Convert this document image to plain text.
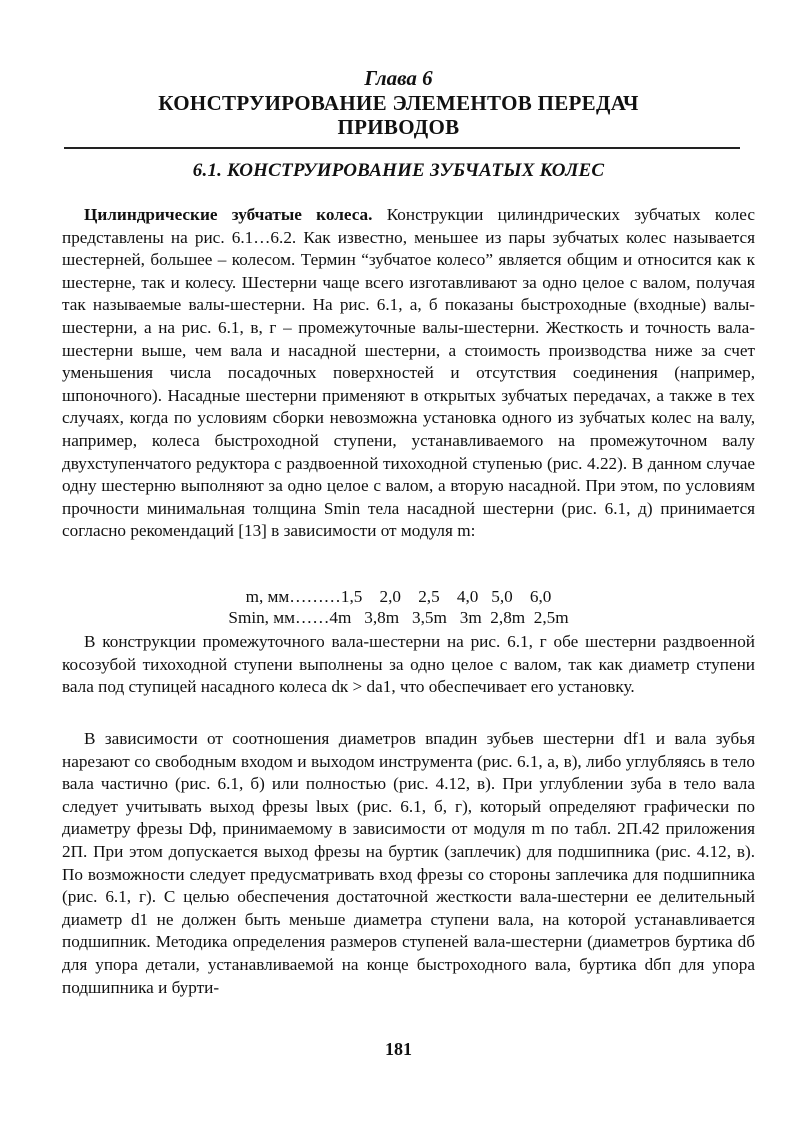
Глава 6
КОНСТРУИРОВАНИЕ ЭЛЕМЕНТОВ ПЕРЕДАЧ
ПРИВОДОВ
6.1. КОНСТРУИРОВАНИЕ ЗУБЧАТЫХ КОЛЕС
Цилиндрические зубчатые колеса. Конструкции цилиндрических зубчатых колес представлены на рис. 6.1…6.2. Как известно, меньшее из пары зубчатых колес называется шестерней, большее – колесом. Термин “зубчатое колесо” является общим и относится как к шестерне, так и колесу. Шестерни чаще всего изготавливают за одно целое с валом, получая так называемые валы-шестерни. На рис. 6.1, а, б показаны быстроходные (входные) валы-шестерни, а на рис. 6.1, в, г – промежуточные валы-шестерни. Жесткость и точность вала-шестерни выше, чем вала и насадной шестерни, а стоимость производства ниже за счет уменьшения числа посадочных поверхностей и отсутствия соединения (например, шпоночного). Насадные шестерни применяют в открытых зубчатых передачах, а также в тех случаях, когда по условиям сборки невозможна установка одного из зубчатых колес на валу, например, колеса быстроходной ступени, устанавливаемого на промежуточном валу двухступенчатого редуктора с раздвоенной тихоходной ступенью (рис. 4.22). В данном случае одну шестерню выполняют за одно целое с валом, а вторую насадной. При этом, по условиям прочности минимальная толщина Smin тела насадной шестерни (рис. 6.1, д) принимается согласно рекомендаций [13] в зависимости от модуля m:
m, мм………1,5    2,0    2,5    4,0   5,0    6,0
Smin, мм……4m   3,8m   3,5m   3m  2,8m  2,5m
В конструкции промежуточного вала-шестерни на рис. 6.1, г обе шестерни раздвоенной косозубой тихоходной ступени выполнены за одно целое с валом, так как диаметр ступени вала под ступицей насадного колеса dк > da1, что обеспечивает его установку.
В зависимости от соотношения диаметров впадин зубьев шестерни df1 и вала зубья нарезают со свободным входом и выходом инструмента (рис. 6.1, а, в), либо углубляясь в тело вала частично (рис. 6.1, б) или полностью (рис. 4.12, в). При углублении зуба в тело вала следует учитывать выход фрезы lвых (рис. 6.1, б, г), который определяют графически по диаметру фрезы Dф, принимаемому в зависимости от модуля m по табл. 2П.42 приложения 2П. При этом допускается выход фрезы на буртик (заплечик) для подшипника (рис. 4.12, в). По возможности следует предусматривать вход фрезы со стороны заплечика для подшипника (рис. 6.1, г). С целью обеспечения достаточной жесткости вала-шестерни ее делительный диаметр d1 не должен быть меньше диаметра ступени вала, на которой устанавливается подшипник. Методика определения размеров ступеней вала-шестерни (диаметров буртика dб для упора детали, устанавливаемой на конце быстроходного вала, буртика dбп для упора подшипника и бурти-
181
